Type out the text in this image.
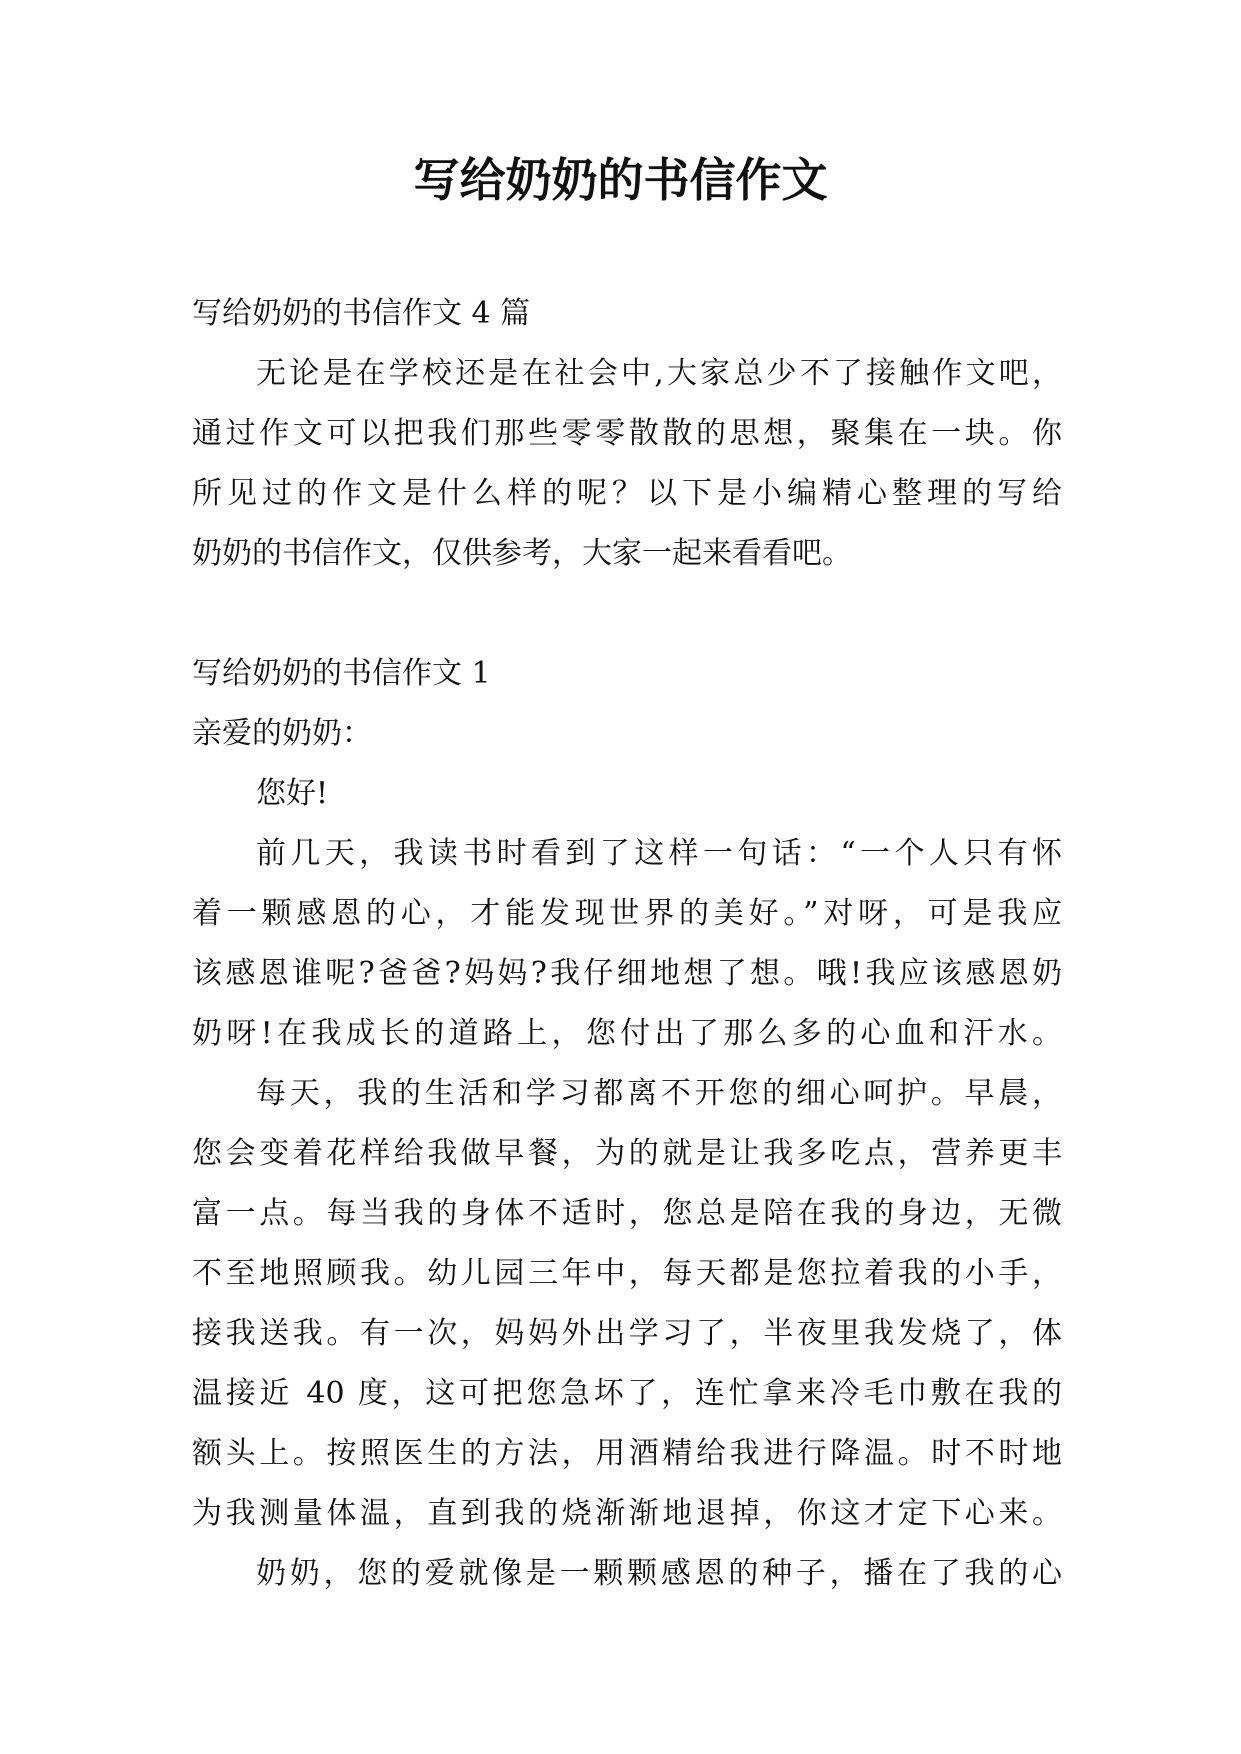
写给奶奶的书信作文

写给奶奶的书信作文 4 篇

无论是在学校还是在社会中,大家总少不了接触作文吧，

通过作文可以把我们那些零零散散的思想，聚集在一块。你

所见过的作文是什么样的呢？以下是小编精心整理的写给

奶奶的书信作文，仅供参考，大家一起来看看吧。

写给奶奶的书信作文 1

亲爱的奶奶：

您好!

前几天，我读书时看到了这样一句话：“一个人只有怀

着一颗感恩的心，才能发现世界的美好。”对呀，可是我应

该感恩谁呢?爸爸?妈妈?我仔细地想了想。哦!我应该感恩奶

奶呀!在我成长的道路上，您付出了那么多的心血和汗水。

每天，我的生活和学习都离不开您的细心呵护。早晨，

您会变着花样给我做早餐，为的就是让我多吃点，营养更丰

富一点。每当我的身体不适时，您总是陪在我的身边，无微

不至地照顾我。幼儿园三年中，每天都是您拉着我的小手，

接我送我。有一次，妈妈外出学习了，半夜里我发烧了，体

温接近 40 度，这可把您急坏了，连忙拿来冷毛巾敷在我的

额头上。按照医生的方法，用酒精给我进行降温。时不时地

为我测量体温，直到我的烧渐渐地退掉，你这才定下心来。

奶奶，您的爱就像是一颗颗感恩的种子，播在了我的心
